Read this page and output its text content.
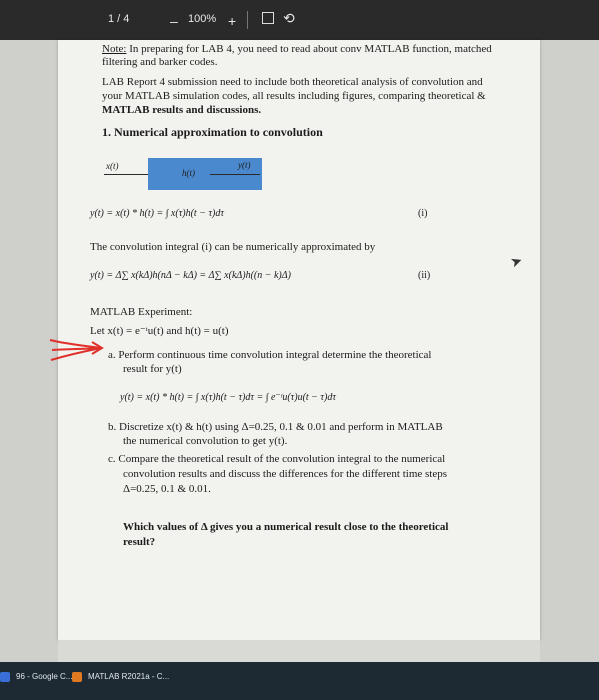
1 / 4	– 100% +	⟲
Note: In preparing for LAB 4, you need to read about conv MATLAB function, matched
filtering and barker codes.
LAB Report 4 submission need to include both theoretical analysis of convolution and
your MATLAB simulation codes, all results including figures, comparing theoretical &
MATLAB results and discussions.
1. Numerical approximation to convolution
x(t)
h(t)
y(t)
y(t) = x(t) * h(t) = ∫ x(τ)h(t − τ)dτ	(i)
The convolution integral (i) can be numerically approximated by
y(t) = Δ∑ x(kΔ)h(nΔ − kΔ) = Δ∑ x(kΔ)h((n − k)Δ)	(ii)
MATLAB Experiment:
Let x(t) = e⁻ᵗu(t) and h(t) = u(t)
a. Perform continuous time convolution integral determine the theoretical
result for y(t)
y(t) = x(t) * h(t) = ∫ x(τ)h(t − τ)dτ = ∫ e⁻ᵗu(τ)u(t − τ)dτ
b. Discretize x(t) & h(t) using Δ=0.25, 0.1 & 0.01 and perform in MATLAB
the numerical convolution to get y(t).
c. Compare the theoretical result of the convolution integral to the numerical
convolution results and discuss the differences for the different time steps
Δ=0.25, 0.1 & 0.01.
Which values of Δ gives you a numerical result close to the theoretical
result?
➤
96 - Google C...	MATLAB R2021a - C...
